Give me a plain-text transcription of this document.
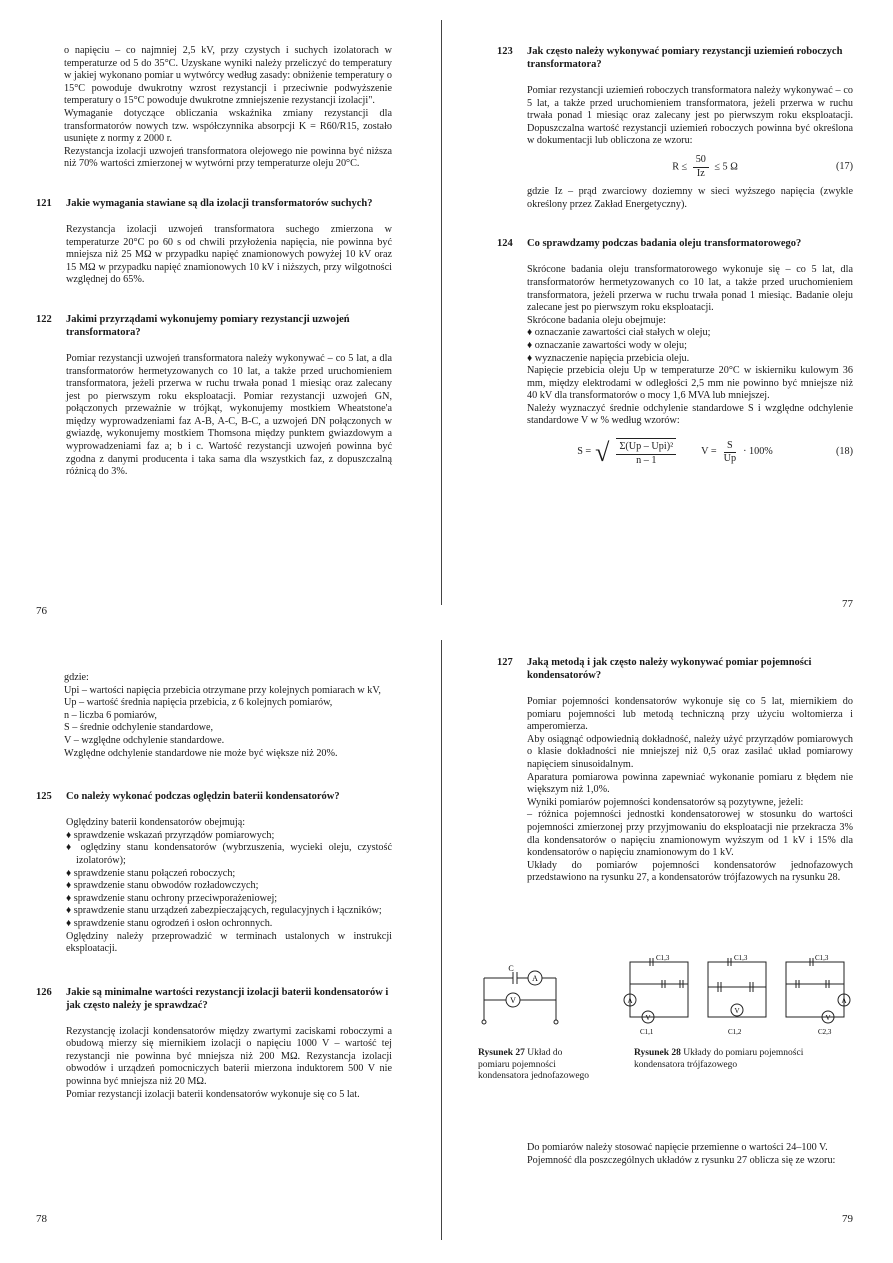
o napięciu – co najmniej 2,5 kV, przy czystych i suchych izolatorach w temperaturze od 5 do 35°C. Uzyskane wyniki należy przeliczyć do temperatury w jakiej wykonano pomiar u wytwórcy według zasady: obniżenie temperatury o 15°C powoduje dwukrotny wzrost rezystancji i przeciwnie podwyższenie temperatury o 15°C powoduje dwukrotne zmniejszenie rezystancji izolacji".

Wymaganie dotyczące obliczania wskaźnika zmiany rezystancji dla transformatorów nowych tzw. współczynnika absorpcji K = R60/R15, zostało usunięte z normy z 2000 r.

Rezystancja izolacji uzwojeń transformatora olejowego nie powinna być niższa niż 70% wartości zmierzonej w wytwórni przy temperaturze oleju 20°C.

121	Jakie wymagania stawiane są dla izolacji transformatorów suchych?

Rezystancja izolacji uzwojeń transformatora suchego zmierzona w temperaturze 20°C po 60 s od chwili przyłożenia napięcia, nie powinna być mniejsza niż 25 MΩ w przypadku napięć znamionowych powyżej 10 kV oraz 15 MΩ w przypadku napięć znamionowych 10 kV i niższych, przy wilgotności względnej do 65%.

122	Jakimi przyrządami wykonujemy pomiary rezystancji uzwojeń transformatora?

Pomiar rezystancji uzwojeń transformatora należy wykonywać – co 5 lat, a dla transformatorów hermetyzowanych co 10 lat, a także przed uruchomieniem transformatora, jeżeli przerwa w ruchu trwała ponad 1 miesiąc oraz zalecany jest po pierwszym roku eksploatacji. Pomiar rezystancji uzwojeń GN, połączonych przeważnie w trójkąt, wykonujemy mostkiem Wheatstone'a między wyprowadzeniami faz A-B, A-C, B-C, a uzwojeń DN połączonych w gwiazdę, wykonujemy mostkiem Thomsona między punktem gwiazdowym a wyprowadzeniami faz a; b i c. Wartość rezystancji uzwojeń powinna być zgodna z danymi producenta i taka sama dla wszystkich faz, z dopuszczalną różnicą do 3%.

76
123	Jak często należy wykonywać pomiary rezystancji uziemień roboczych transformatora?

Pomiar rezystancji uziemień roboczych transformatora należy wykonywać – co 5 lat, a także przed uruchomieniem transformatora, jeżeli przerwa w ruchu trwała ponad 1 miesiąc oraz zalecany jest po pierwszym roku eksploatacji. Dopuszczalna wartość rezystancji uziemień roboczych powinna być określona w dokumentacji lub obliczona ze wzoru:

$R \le \frac{50}{Iz} \le 5$ Ω	(17)

gdzie Iz – prąd zwarciowy doziemny w sieci wyższego napięcia (zwykle określony przez Zakład Energetyczny).

124	Co sprawdzamy podczas badania oleju transformatorowego?

Skrócone badania oleju transformatorowego wykonuje się – co 5 lat, dla transformatorów hermetyzowanych co 10 lat, a także przed uruchomieniem transformatora, jeżeli przerwa w ruchu trwała ponad 1 miesiąc. Badanie oleju zalecane jest po pierwszym roku eksploatacji.

Skrócone badania oleju obejmuje:

♦ oznaczanie zawartości ciał stałych w oleju;

♦ oznaczanie zawartości wody w oleju;

♦ wyznaczenie napięcia przebicia oleju.

Napięcie przebicia oleju Up w temperaturze 20°C w iskierniku kulowym 36 mm, między elektrodami w odległości 2,5 mm nie powinno być mniejsze niż 40 kV dla transformatorów o mocy 1,6 MVA lub mniejszej.

Należy wyznaczyć średnie odchylenie standardowe S i względne odchylenie standardowe V w % według wzorów:

S = √ $\frac{\text{Σ(Up – Upi)²}}{n - 1}$ $V = \frac{S}{Up} \cdot 100\%$	(18)
77

gdzie:

Upi – wartości napięcia przebicia otrzymane przy kolejnych pomiarach w kV,

Up – wartość średnia napięcia przebicia, z 6 kolejnych pomiarów,

n – liczba 6 pomiarów,

S – średnie odchylenie standardowe,

V – względne odchylenie standardowe.

Względne odchylenie standardowe nie może być większe niż 20%.

125	Co należy wykonać podczas oględzin baterii kondensatorów?

Oględziny baterii kondensatorów obejmują:

♦ sprawdzenie wskazań przyrządów pomiarowych;

♦ oględziny stanu kondensatorów (wybrzuszenia, wycieki oleju, czystość izolatorów);

♦ sprawdzenie stanu połączeń roboczych;

♦ sprawdzenie stanu obwodów rozładowczych;

♦ sprawdzenie stanu ochrony przeciwporażeniowej;

♦ sprawdzenie stanu urządzeń zabezpieczających, regulacyjnych i łączników;

♦ sprawdzenie stanu ogrodzeń i osłon ochronnych.

Oględziny należy przeprowadzić w terminach ustalonych w instrukcji eksploatacji.

126	Jakie są minimalne wartości rezystancji izolacji baterii kondensatorów i jak często należy je sprawdzać?

Rezystancję izolacji kondensatorów między zwartymi zaciskami roboczymi a obudową mierzy się miernikiem izolacji o napięciu 1000 V – wartość tej rezystancji nie powinna być mniejsza niż 200 MΩ. Rezystancja izolacji obwodów i urządzeń pomocniczych baterii mierzona induktorem 500 V nie powinna być mniejsza niż 20 MΩ.

Pomiar rezystancji izolacji baterii kondensatorów wykonuje się co 5 lat.

78
127	Jaką metodą i jak często należy wykonywać pomiar pojemności kondensatorów?

Pomiar pojemności kondensatorów wykonuje się co 5 lat, miernikiem do pomiaru pojemności lub metodą techniczną przy użyciu woltomierza i amperomierza.

Aby osiągnąć odpowiednią dokładność, należy użyć przyrządów pomiarowych o klasie dokładności nie mniejszej niż 0,5 oraz zasilać układ pomiarowy napięciem sinusoidalnym.

Aparatura pomiarowa powinna zapewniać wykonanie pomiaru z błędem nie większym niż 1,0%.

Wyniki pomiarów pojemności kondensatorów są pozytywne, jeżeli:

– różnica pojemności jednostki kondensatorowej w stosunku do wartości pojemności zmierzonej przy przyjmowaniu do eksploatacji nie przekracza 3% dla kondensatorów o napięciu znamionowym wyższym od 1 kV i 15% dla kondensatorów o napięciu znamionowym do 1 kV.

Układy do pomiarów pojemności kondensatorów jednofazowych przedstawiono na rysunku 27, a kondensatorów trójfazowych na rysunku 28.

C
A
V
Rysunek 27 Układ do pomiaru pojemności kondensatora jednofazowego
C1,3
A
V
C1,1
C1,3
V
C1,2
C1,3
A
V
C2,3
Rysunek 28 Układy do pomiaru pojemności kondensatora trójfazowego

Do pomiarów należy stosować napięcie przemienne o wartości 24–100 V.

Pojemność dla poszczególnych układów z rysunku 27 oblicza się ze wzoru:

79
